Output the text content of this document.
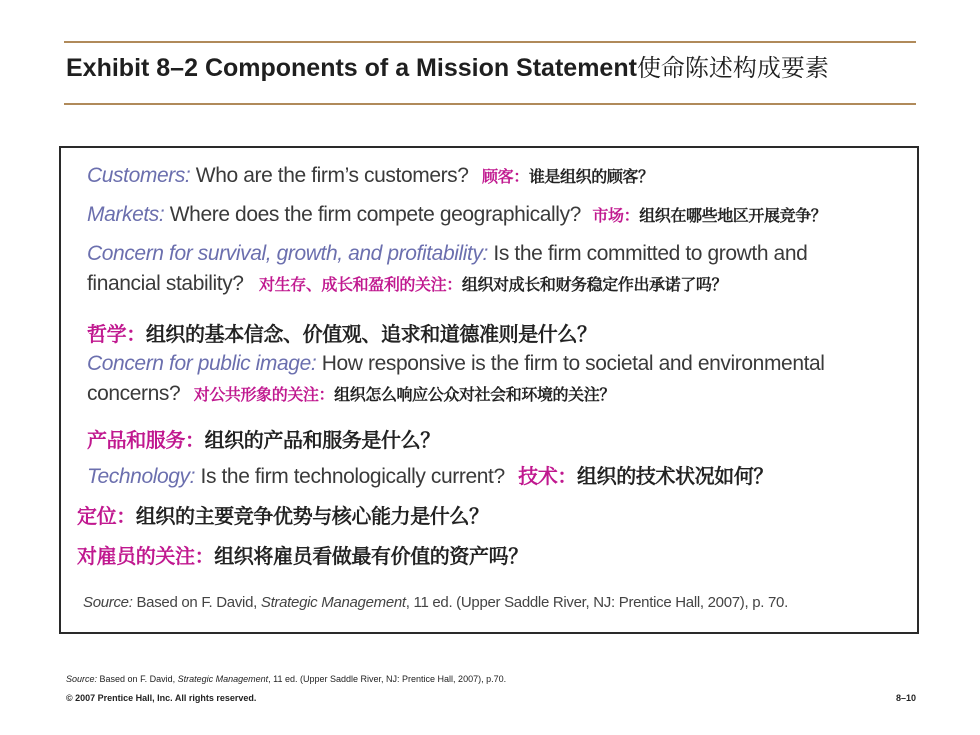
Exhibit 8–2 Components of a Mission Statement使命陈述构成要素
Customers: Who are the firm’s customers? 顾客：谁是组织的顾客？
Markets: Where does the firm compete geographically? 市场：组织在哪些地区开展竞争？
Concern for survival, growth, and profitability: Is the firm committed to growth and
financial stability? 对生存、成长和盈利的关注：组织对成长和财务稳定作出承诺了吗？
哲学：组织的基本信念、价值观、追求和道德准则是什么？
Concern for public image: How responsive is the firm to societal and environmental
concerns? 对公共形象的关注：组织怎么响应公众对社会和环境的关注？
产品和服务：组织的产品和服务是什么？
Technology: Is the firm technologically current? 技术：组织的技术状况如何？
定位：组织的主要竞争优势与核心能力是什么？
对雇员的关注：组织将雇员看做最有价值的资产吗？
Source: Based on F. David, Strategic Management, 11 ed. (Upper Saddle River, NJ: Prentice Hall, 2007), p. 70.
Source: Based on F. David, Strategic Management, 11 ed. (Upper Saddle River, NJ: Prentice Hall, 2007), p.70.
© 2007 Prentice Hall, Inc. All rights reserved.	8–10
